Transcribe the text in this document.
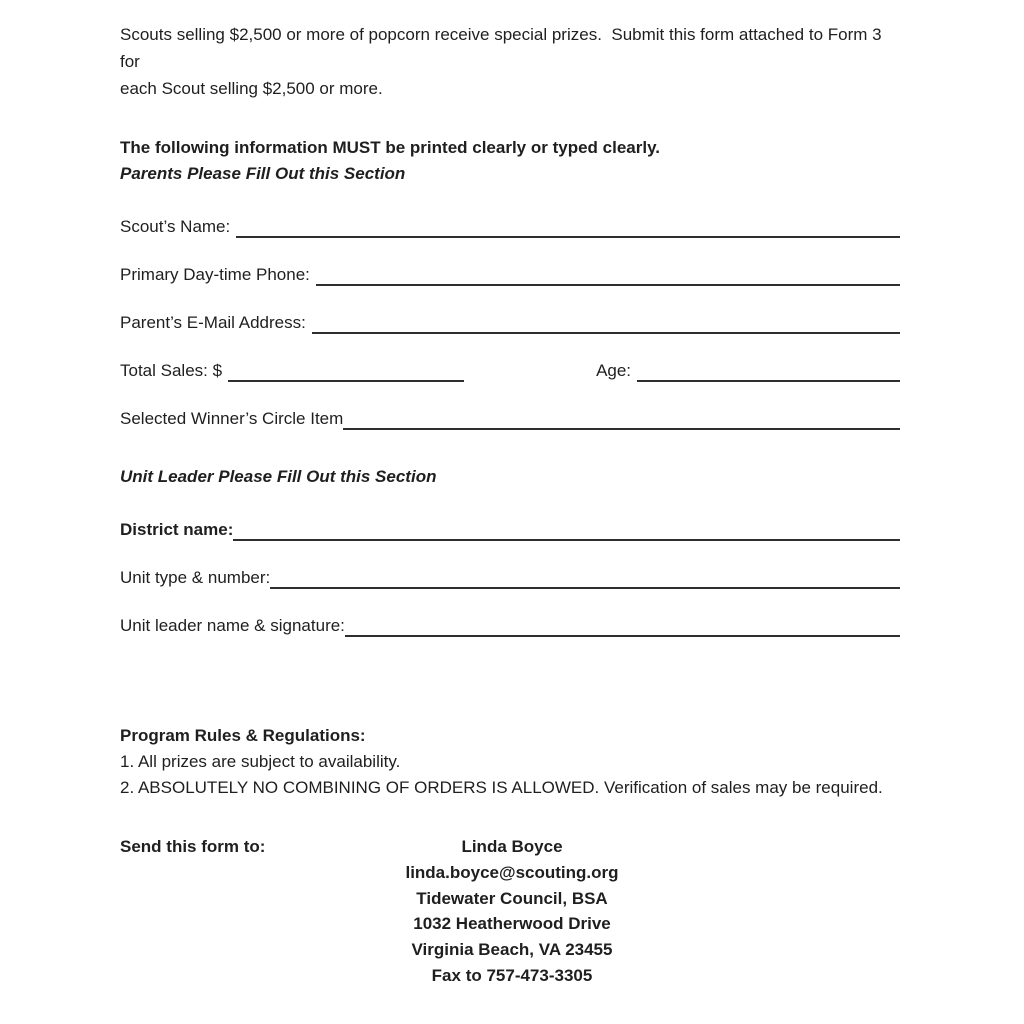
Scouts selling $2,500 or more of popcorn receive special prizes.  Submit this form attached to Form 3 for
each Scout selling $2,500 or more.
The following information MUST be printed clearly or typed clearly.
Parents Please Fill Out this Section
Scout’s Name:
Primary Day-time Phone:
Parent’s E-Mail Address:
Total Sales: $	Age:
Selected Winner’s Circle Item
Unit Leader Please Fill Out this Section
District name:
Unit type & number:
Unit leader name & signature:
Program Rules & Regulations:
1. All prizes are subject to availability.
2. ABSOLUTELY NO COMBINING OF ORDERS IS ALLOWED. Verification of sales may be required.
Send this form to:	Linda Boyce
linda.boyce@scouting.org
Tidewater Council, BSA
1032 Heatherwood Drive
Virginia Beach, VA 23455
Fax to 757-473-3305
